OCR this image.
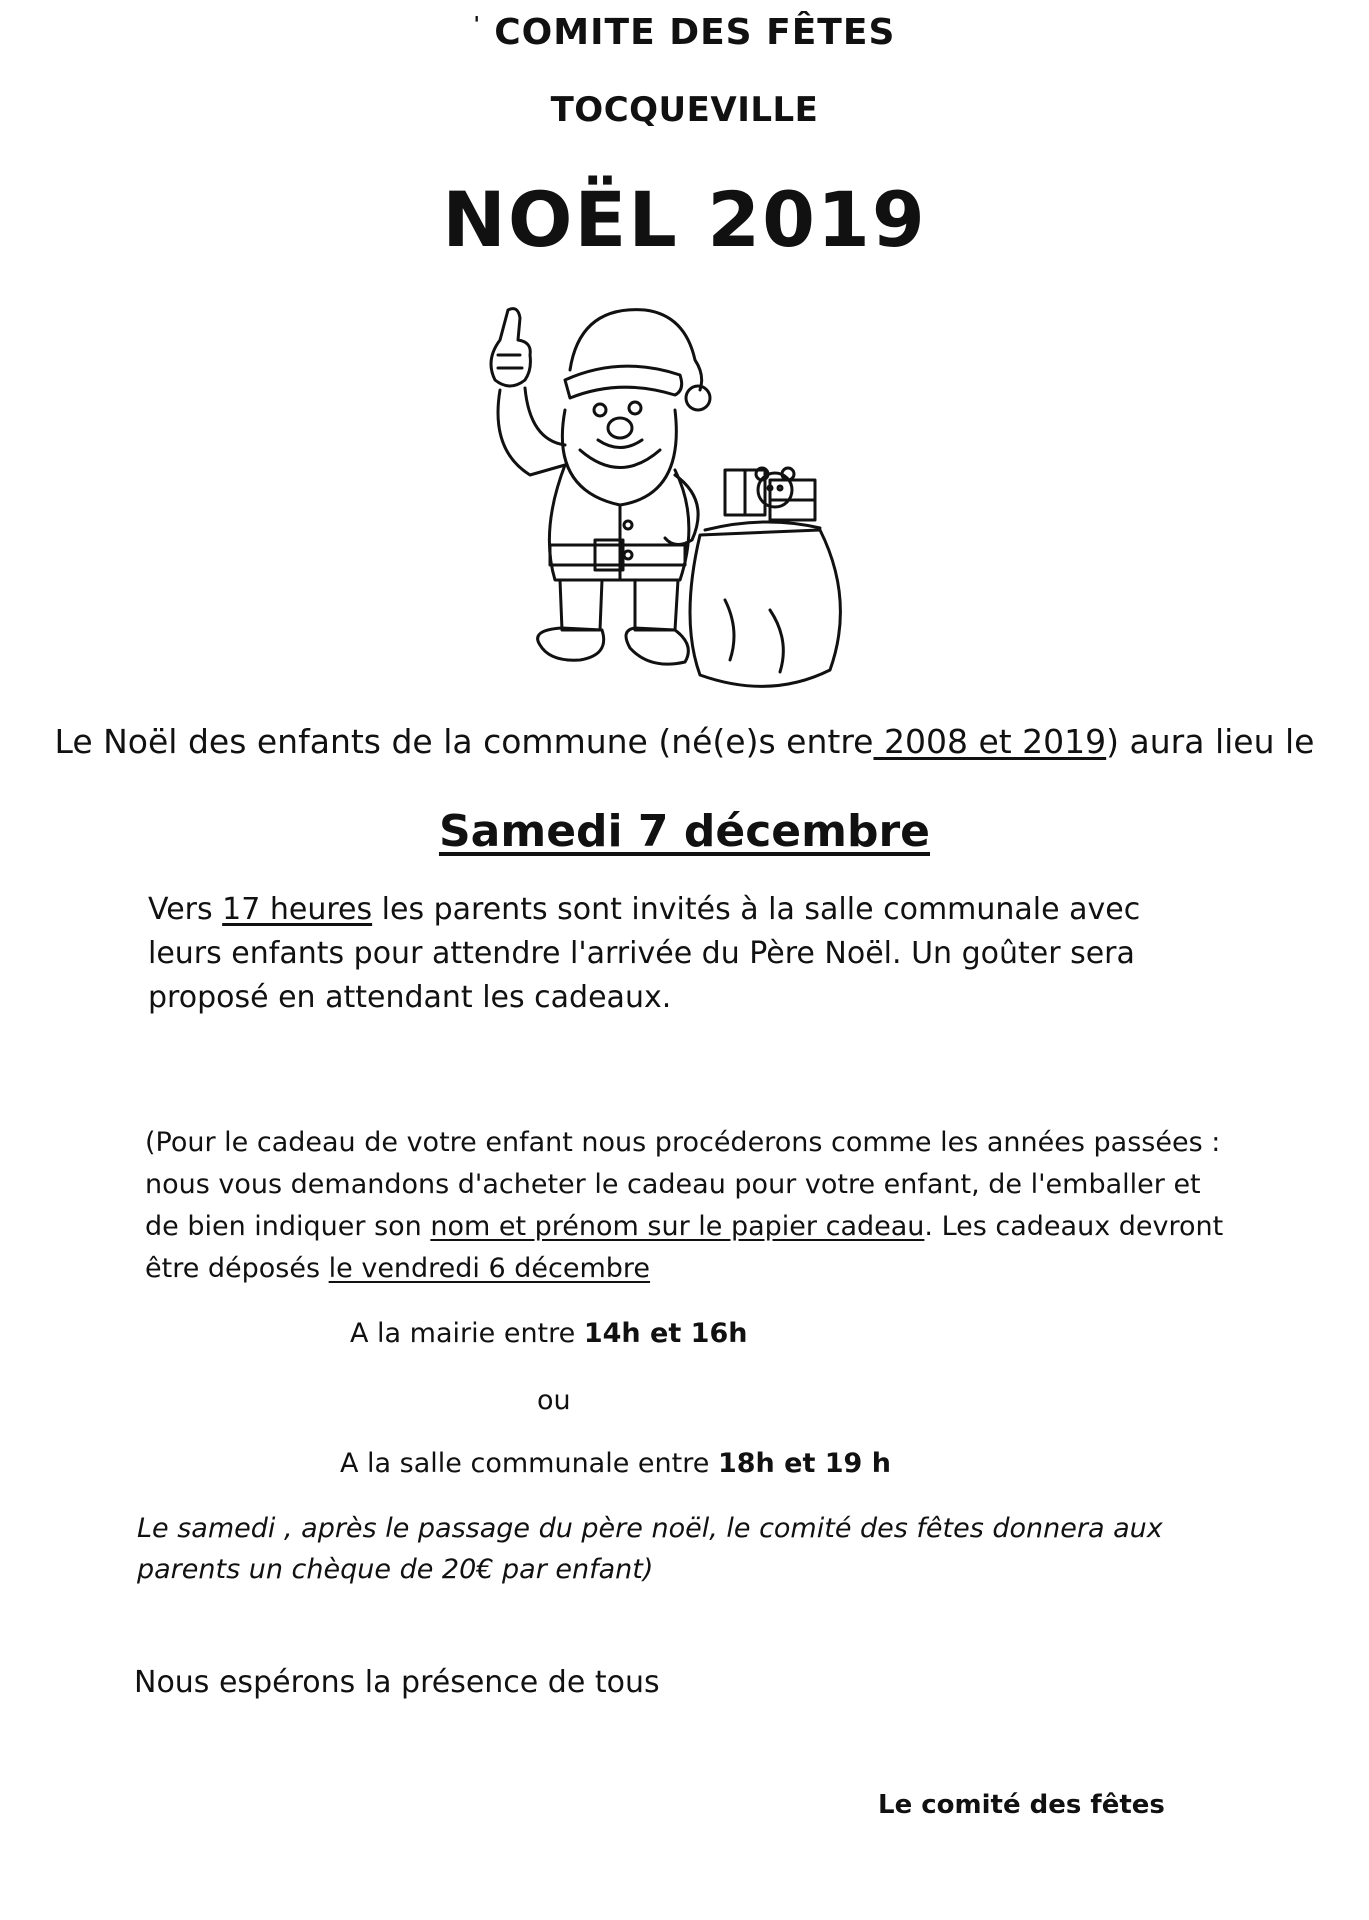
' COMITE DES FÊTES
TOCQUEVILLE
NOËL 2019

Le Noël des enfants de la commune (né(e)s entre 2008 et 2019) aura lieu le

Samedi 7 décembre

Vers 17 heures les parents sont invités à la salle communale avec leurs enfants pour attendre l'arrivée du Père Noël. Un goûter sera proposé en attendant les cadeaux.

(Pour le cadeau de votre enfant nous procéderons comme les années passées : nous vous demandons d'acheter le cadeau pour votre enfant, de l'emballer et de bien indiquer son nom et prénom sur le papier cadeau. Les cadeaux devront être déposés le vendredi 6 décembre

A la mairie entre 14h et 16h

ou

A la salle communale entre 18h et 19 h

Le samedi , après le passage du père noël, le comité des fêtes donnera aux parents un chèque de 20€ par enfant)

Nous espérons la présence de tous

Le comité des fêtes
